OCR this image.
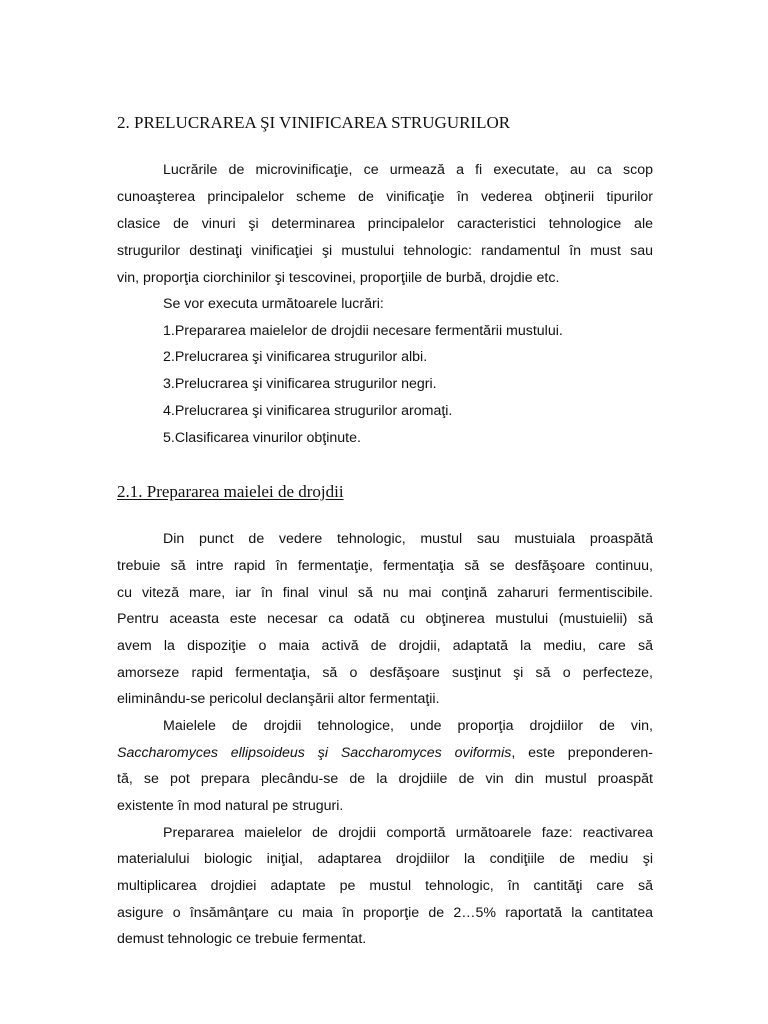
2. PRELUCRAREA ŞI VINIFICAREA STRUGURILOR
Lucrările de microvinificaţie, ce urmează a fi executate, au ca scop
cunoaşterea principalelor scheme de vinificaţie în vederea obţinerii tipurilor
clasice de vinuri şi determinarea principalelor caracteristici tehnologice ale
strugurilor destinaţi vinificaţiei şi mustului tehnologic: randamentul în must sau
vin, proporţia ciorchinilor şi tescovinei, proporţiile de burbă, drojdie etc.
Se vor executa următoarele lucrări:
1.Prepararea maielelor de drojdii necesare fermentării mustului.
2.Prelucrarea şi vinificarea strugurilor albi.
3.Prelucrarea şi vinificarea strugurilor negri.
4.Prelucrarea şi vinificarea strugurilor aromaţi.
5.Clasificarea vinurilor obţinute.
2.1. Prepararea maielei de drojdii
Din punct de vedere tehnologic, mustul sau mustuiala proaspătă
trebuie să intre rapid în fermentaţie, fermentaţia să se desfăşoare continuu,
cu viteză mare, iar în final vinul să nu mai conţină zaharuri fermentiscibile.
Pentru aceasta este necesar ca odată cu obţinerea mustului (mustuielii) să
avem la dispoziţie o maia activă de drojdii, adaptată la mediu, care să
amorseze rapid fermentaţia, să o desfăşoare susţinut şi să o perfecteze,
eliminându-se pericolul declanşării altor fermentaţii.
Maielele de drojdii tehnologice, unde proporţia drojdiilor de vin,
Saccharomyces ellipsoideus şi Saccharomyces oviformis, este preponderen-
tă, se pot prepara plecându-se de la drojdiile de vin din mustul proaspăt
existente în mod natural pe struguri.
Prepararea maielelor de drojdii comportă următoarele faze: reactivarea
materialului biologic iniţial, adaptarea drojdiilor la condiţiile de mediu şi
multiplicarea drojdiei adaptate pe mustul tehnologic, în cantităţi care să
asigure o însămânţare cu maia în proporţie de 2…5% raportată la cantitatea
demust tehnologic ce trebuie fermentat.
